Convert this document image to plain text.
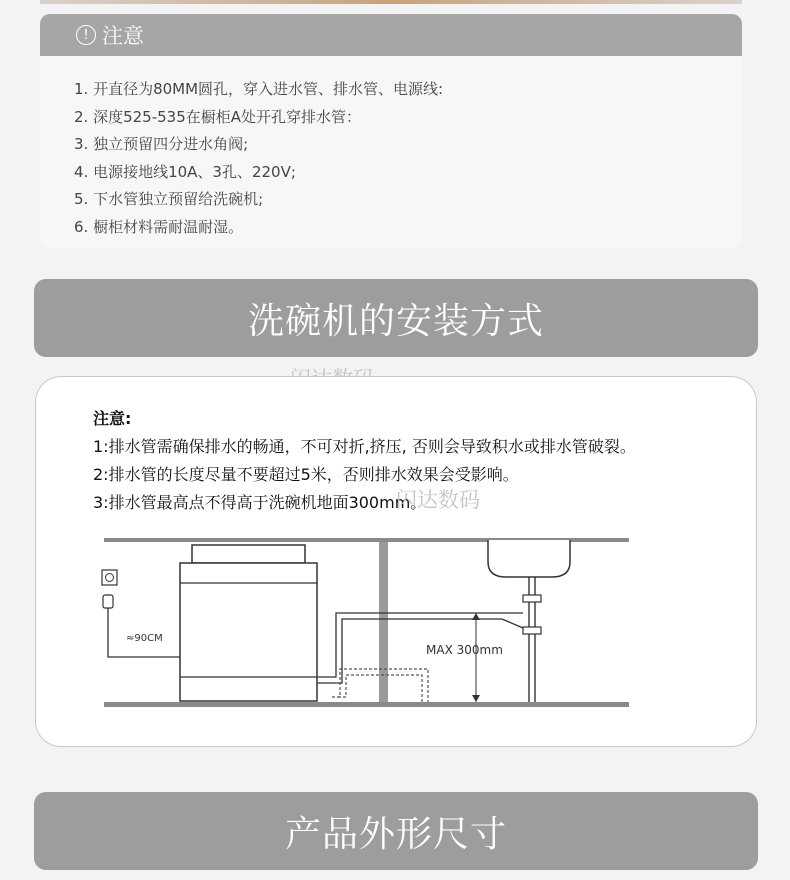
! 注意
1. 开直径为80MM圆孔，穿入进水管、排水管、电源线:
2. 深度525-535在橱柜A处开孔穿排水管：
3. 独立预留四分进水角阀;
4. 电源接地线10A、3孔、220V;
5. 下水管独立预留给洗碗机;
6. 橱柜材料需耐温耐湿。
洗碗机的安装方式
注意:
1:排水管需确保排水的畅通，不可对折,挤压, 否则会导致积水或排水管破裂。
2:排水管的长度尽量不要超过5米，否则排水效果会受影响。
3:排水管最高点不得高于洗碗机地面300mm。
≈90CM
MAX 300mm
闪达数码
产品外形尺寸
